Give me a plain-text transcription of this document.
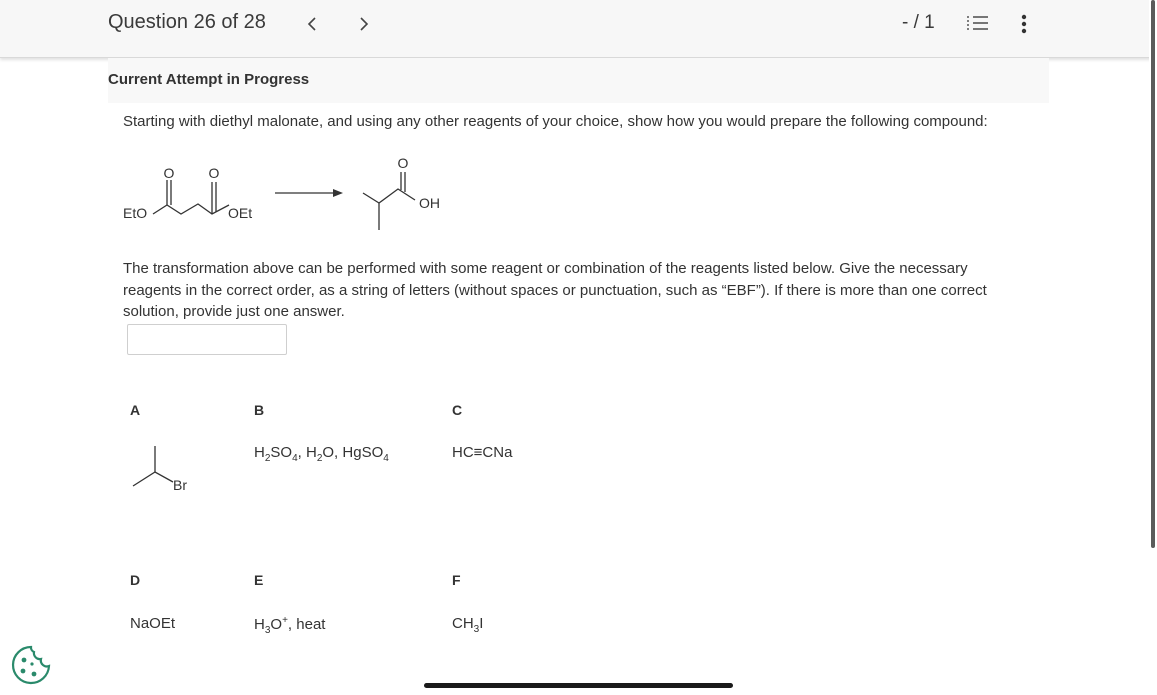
Question 26 of 28	- / 1
Current Attempt in Progress
Starting with diethyl malonate, and using any other reagents of your choice, show how you would prepare the following compound:
O O
EtO	OEt
O
OH
The transformation above can be performed with some reagent or combination of the reagents listed below. Give the necessary reagents in the correct order, as a string of letters (without spaces or punctuation, such as “EBF”). If there is more than one correct solution, provide just one answer.
A
Br
B
$H_2SO_4$, $H_2O$, HgSO$_4$
C
HC≡CNa
D
NaOEt
E
$H_3O^+$, heat
F
$CH_3I$
